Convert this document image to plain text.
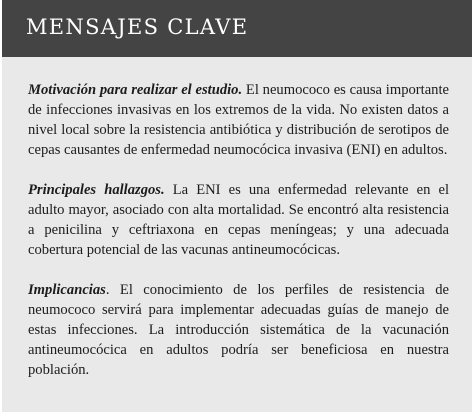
MENSAJES CLAVE

Motivación para realizar el estudio. El neumococo es causa importante de infecciones invasivas en los extremos de la vida. No existen datos a nivel local sobre la resistencia antibiótica y distribución de serotipos de cepas causantes de enfermedad neumocócica invasiva (ENI) en adultos.

Principales hallazgos. La ENI es una enfermedad relevante en el adulto mayor, asociado con alta mortalidad. Se encontró alta resistencia a penicilina y ceftriaxona en cepas meníngeas; y una adecuada cobertura potencial de las vacunas antineumocócicas.

Implicancias. El conocimiento de los perfiles de resistencia de neumococo servirá para implementar adecuadas guías de manejo de estas infecciones. La introducción sistemática de la vacunación antineumocócica en adultos podría ser beneficiosa en nuestra población.
